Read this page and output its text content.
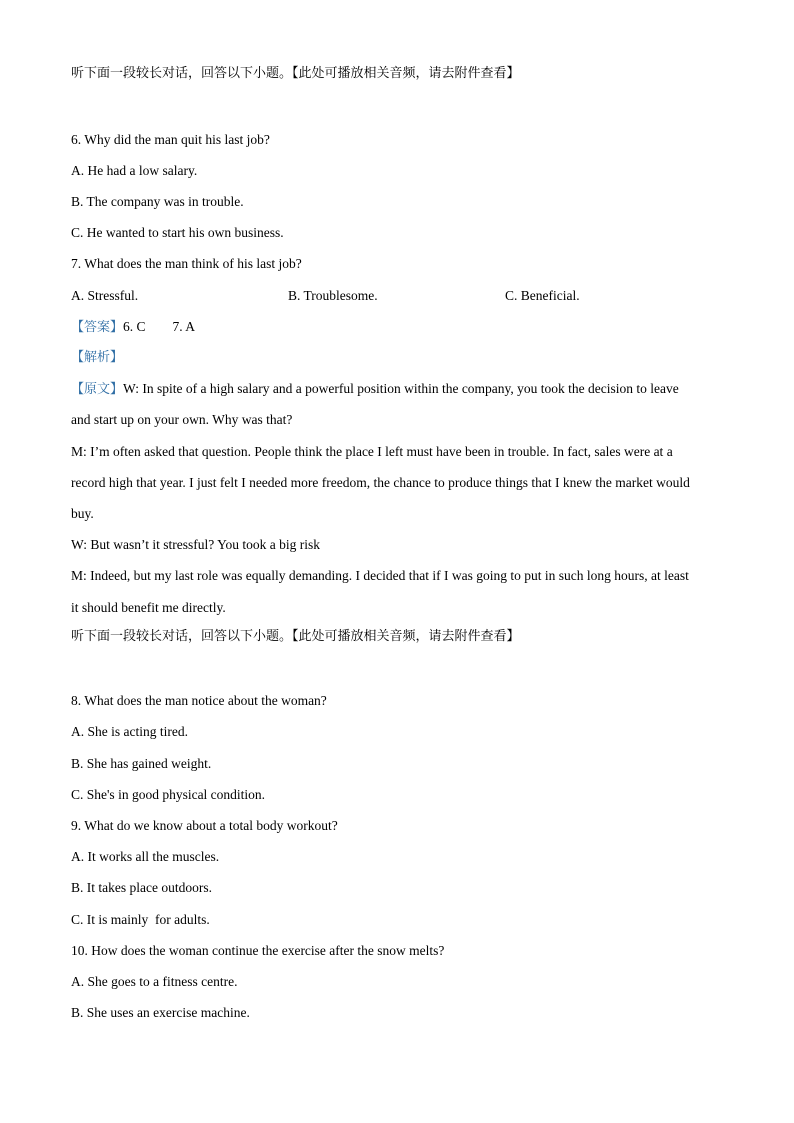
听下面一段较长对话，回答以下小题。【此处可播放相关音频，请去附件查看】
6. Why did the man quit his last job?
A. He had a low salary.
B. The company was in trouble.
C. He wanted to start his own business.
7. What does the man think of his last job?
A. Stressful.	B. Troublesome.	C. Beneficial.
【答案】6. C        7. A
【解析】
【原文】W: In spite of a high salary and a powerful position within the company, you took the decision to leave
and start up on your own. Why was that?
M: I’m often asked that question. People think the place I left must have been in trouble. In fact, sales were at a
record high that year. I just felt I needed more freedom, the chance to produce things that I knew the market would
buy.
W: But wasn’t it stressful? You took a big risk
M: Indeed, but my last role was equally demanding. I decided that if I was going to put in such long hours, at least
it should benefit me directly.
听下面一段较长对话，回答以下小题。【此处可播放相关音频，请去附件查看】
8. What does the man notice about the woman?
A. She is acting tired.
B. She has gained weight.
C. She's in good physical condition.
9. What do we know about a total body workout?
A. It works all the muscles.
B. It takes place outdoors.
C. It is mainly  for adults.
10. How does the woman continue the exercise after the snow melts?
A. She goes to a fitness centre.
B. She uses an exercise machine.
